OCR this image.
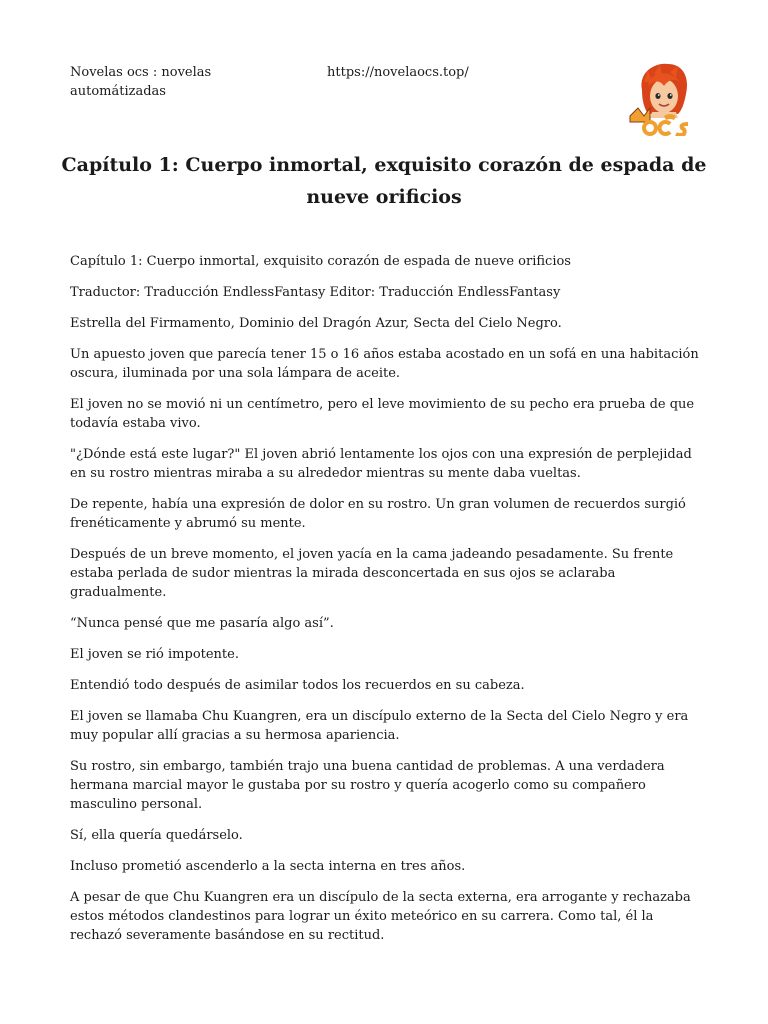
Novelas ocs : novelas automátizadas
https://novelaocs.top/
Capítulo 1: Cuerpo inmortal, exquisito corazón de espada de nueve orificios

Capítulo 1: Cuerpo inmortal, exquisito corazón de espada de nueve orificios

Traductor: Traducción EndlessFantasy Editor: Traducción EndlessFantasy

Estrella del Firmamento, Dominio del Dragón Azur, Secta del Cielo Negro.

Un apuesto joven que parecía tener 15 o 16 años estaba acostado en un sofá en una habitación oscura, iluminada por una sola lámpara de aceite.

El joven no se movió ni un centímetro, pero el leve movimiento de su pecho era prueba de que todavía estaba vivo.

"¿Dónde está este lugar?" El joven abrió lentamente los ojos con una expresión de perplejidad en su rostro mientras miraba a su alrededor mientras su mente daba vueltas.

De repente, había una expresión de dolor en su rostro. Un gran volumen de recuerdos surgió frenéticamente y abrumó su mente.

Después de un breve momento, el joven yacía en la cama jadeando pesadamente. Su frente estaba perlada de sudor mientras la mirada desconcertada en sus ojos se aclaraba gradualmente.

“Nunca pensé que me pasaría algo así”.

El joven se rió impotente.

Entendió todo después de asimilar todos los recuerdos en su cabeza.

El joven se llamaba Chu Kuangren, era un discípulo externo de la Secta del Cielo Negro y era muy popular allí gracias a su hermosa apariencia.

Su rostro, sin embargo, también trajo una buena cantidad de problemas. A una verdadera hermana marcial mayor le gustaba por su rostro y quería acogerlo como su compañero masculino personal.

Sí, ella quería quedárselo.

Incluso prometió ascenderlo a la secta interna en tres años.

A pesar de que Chu Kuangren era un discípulo de la secta externa, era arrogante y rechazaba estos métodos clandestinos para lograr un éxito meteórico en su carrera. Como tal, él la rechazó severamente basándose en su rectitud.
